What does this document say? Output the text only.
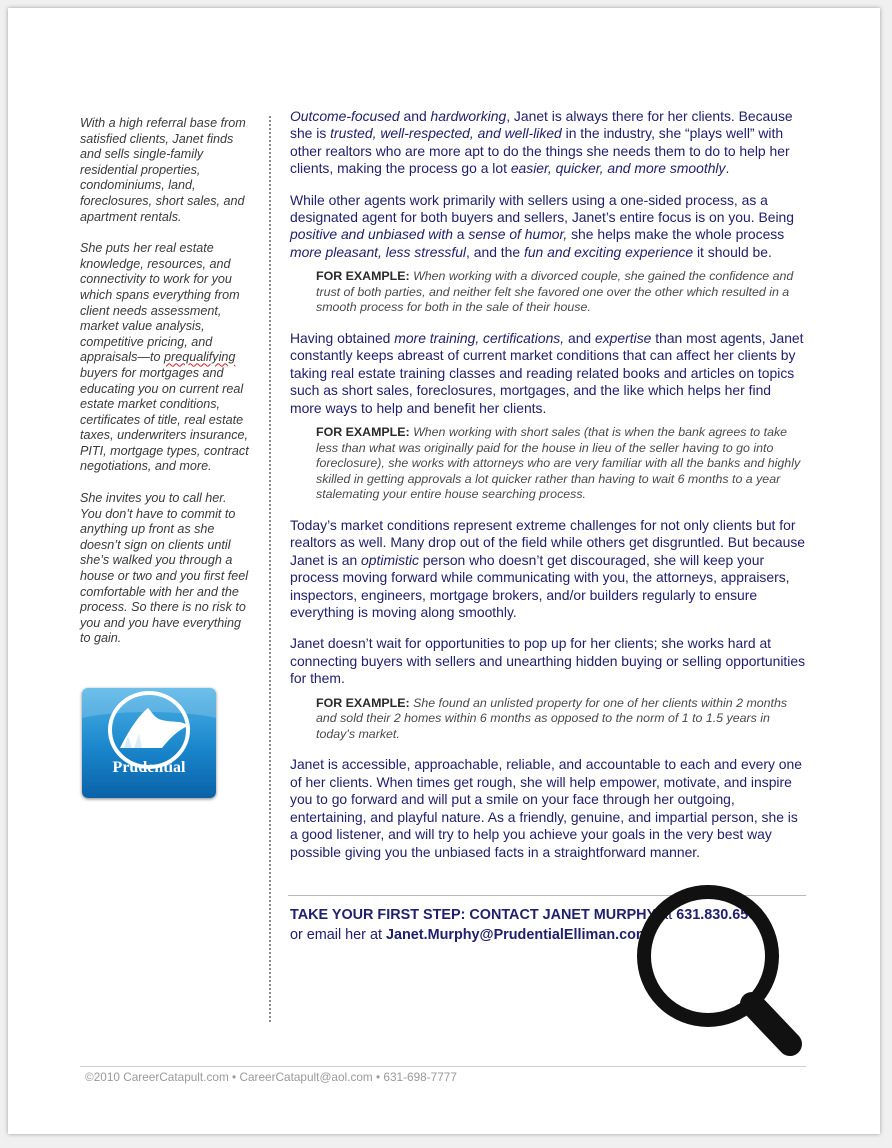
With a high referral base from satisfied clients, Janet finds and sells single-family residential properties, condominiums, land, foreclosures, short sales, and apartment rentals.

She puts her real estate knowledge, resources, and connectivity to work for you which spans everything from client needs assessment, market value analysis, competitive pricing, and appraisals—to prequalifying buyers for mortgages and educating you on current real estate market conditions, certificates of title, real estate taxes, underwriters insurance, PITI, mortgage types, contract negotiations, and more.

She invites you to call her. You don’t have to commit to anything up front as she doesn’t sign on clients until she’s walked you through a house or two and you first feel comfortable with her and the process. So there is no risk to you and you have everything to gain.

Prudential

Outcome-focused and hardworking, Janet is always there for her clients. Because she is trusted, well-respected, and well-liked in the industry, she “plays well” with other realtors who are more apt to do the things she needs them to do to help her clients, making the process go a lot easier, quicker, and more smoothly.

While other agents work primarily with sellers using a one-sided process, as a designated agent for both buyers and sellers, Janet’s entire focus is on you. Being positive and unbiased with a sense of humor, she helps make the whole process more pleasant, less stressful, and the fun and exciting experience it should be.

FOR EXAMPLE: When working with a divorced couple, she gained the confidence and trust of both parties, and neither felt she favored one over the other which resulted in a smooth process for both in the sale of their house.

Having obtained more training, certifications, and expertise than most agents, Janet constantly keeps abreast of current market conditions that can affect her clients by taking real estate training classes and reading related books and articles on topics such as short sales, foreclosures, mortgages, and the like which helps her find more ways to help and benefit her clients.

FOR EXAMPLE: When working with short sales (that is when the bank agrees to take less than what was originally paid for the house in lieu of the seller having to go into foreclosure), she works with attorneys who are very familiar with all the banks and highly skilled in getting approvals a lot quicker rather than having to wait 6 months to a year stalemating your entire house searching process.

Today’s market conditions represent extreme challenges for not only clients but for realtors as well. Many drop out of the field while others get disgruntled. But because Janet is an optimistic person who doesn’t get discouraged, she will keep your process moving forward while communicating with you, the attorneys, appraisers, inspectors, engineers, mortgage brokers, and/or builders regularly to ensure everything is moving along smoothly.

Janet doesn’t wait for opportunities to pop up for her clients; she works hard at connecting buyers with sellers and unearthing hidden buying or selling opportunities for them.

FOR EXAMPLE: She found an unlisted property for one of her clients within 2 months and sold their 2 homes within 6 months as opposed to the norm of 1 to 1.5 years in today’s market.

Janet is accessible, approachable, reliable, and accountable to each and every one of her clients. When times get rough, she will help empower, motivate, and inspire you to go forward and will put a smile on your face through her outgoing, entertaining, and playful nature. As a friendly, genuine, and impartial person, she is a good listener, and will try to help you achieve your goals in the very best way possible giving you the unbiased facts in a straightforward manner.

TAKE YOUR FIRST STEP: CONTACT JANET MURPHY at 631.830.6561
or email her at Janet.Murphy@PrudentialElliman.com.
©2010 CareerCatapult.com • CareerCatapult@aol.com • 631-698-7777
